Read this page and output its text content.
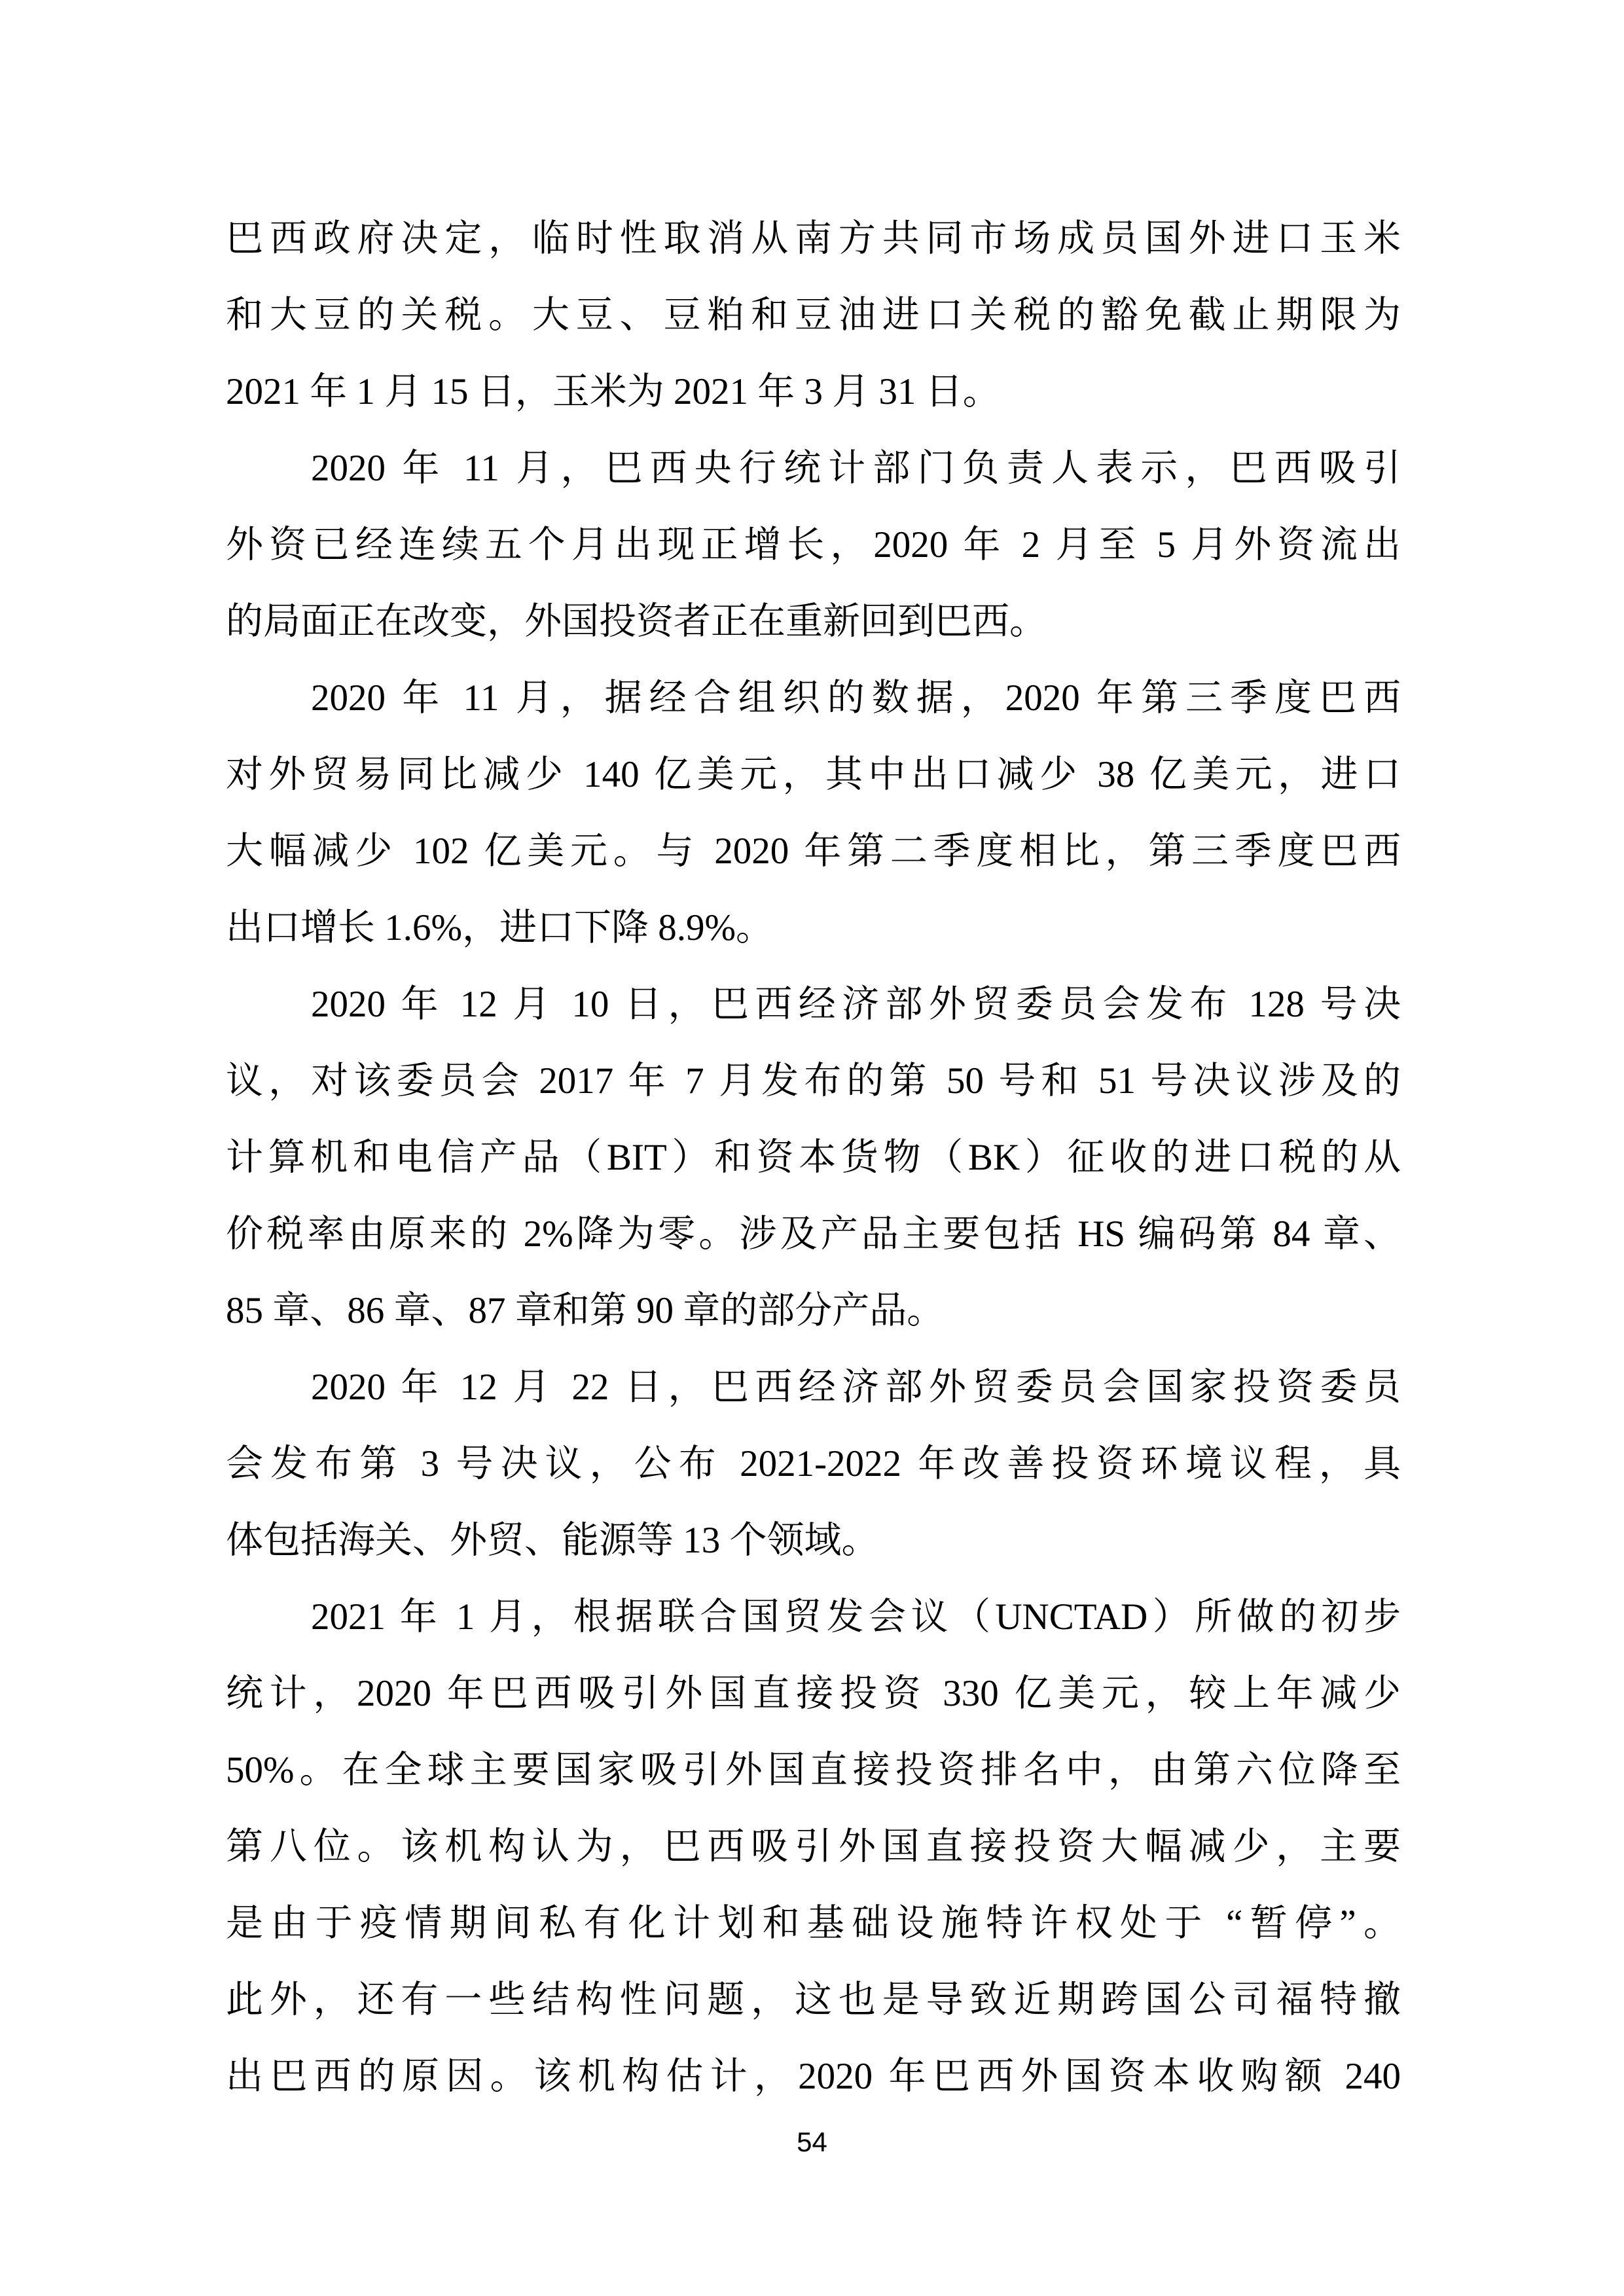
巴西政府决定，临时性取消从南方共同市场成员国外进口玉米
和大豆的关税。大豆、豆粕和豆油进口关税的豁免截止期限为
2021 年 1 月 15 日，玉米为 2021 年 3 月 31 日。

2020 年 11 月，巴西央行统计部门负责人表示，巴西吸引
外资已经连续五个月出现正增长，2020 年 2 月至 5 月外资流出
的局面正在改变，外国投资者正在重新回到巴西。

2020 年 11 月，据经合组织的数据，2020 年第三季度巴西
对外贸易同比减少 140 亿美元，其中出口减少 38 亿美元，进口
大幅减少 102 亿美元。与 2020 年第二季度相比，第三季度巴西
出口增长 1.6%，进口下降 8.9%。

2020 年 12 月 10 日，巴西经济部外贸委员会发布 128 号决
议，对该委员会 2017 年 7 月发布的第 50 号和 51 号决议涉及的
计算机和电信产品（BIT）和资本货物（BK）征收的进口税的从
价税率由原来的 2%降为零。涉及产品主要包括 HS 编码第 84 章、
85 章、86 章、87 章和第 90 章的部分产品。

2020 年 12 月 22 日，巴西经济部外贸委员会国家投资委员
会发布第 3 号决议，公布 2021-2022 年改善投资环境议程，具
体包括海关、外贸、能源等 13 个领域。

2021 年 1 月，根据联合国贸发会议（UNCTAD）所做的初步
统计，2020 年巴西吸引外国直接投资 330 亿美元，较上年减少
50%。在全球主要国家吸引外国直接投资排名中，由第六位降至
第八位。该机构认为，巴西吸引外国直接投资大幅减少，主要
是由于疫情期间私有化计划和基础设施特许权处于 “暂停”。
此外，还有一些结构性问题，这也是导致近期跨国公司福特撤
出巴西的原因。该机构估计，2020 年巴西外国资本收购额 240

54
